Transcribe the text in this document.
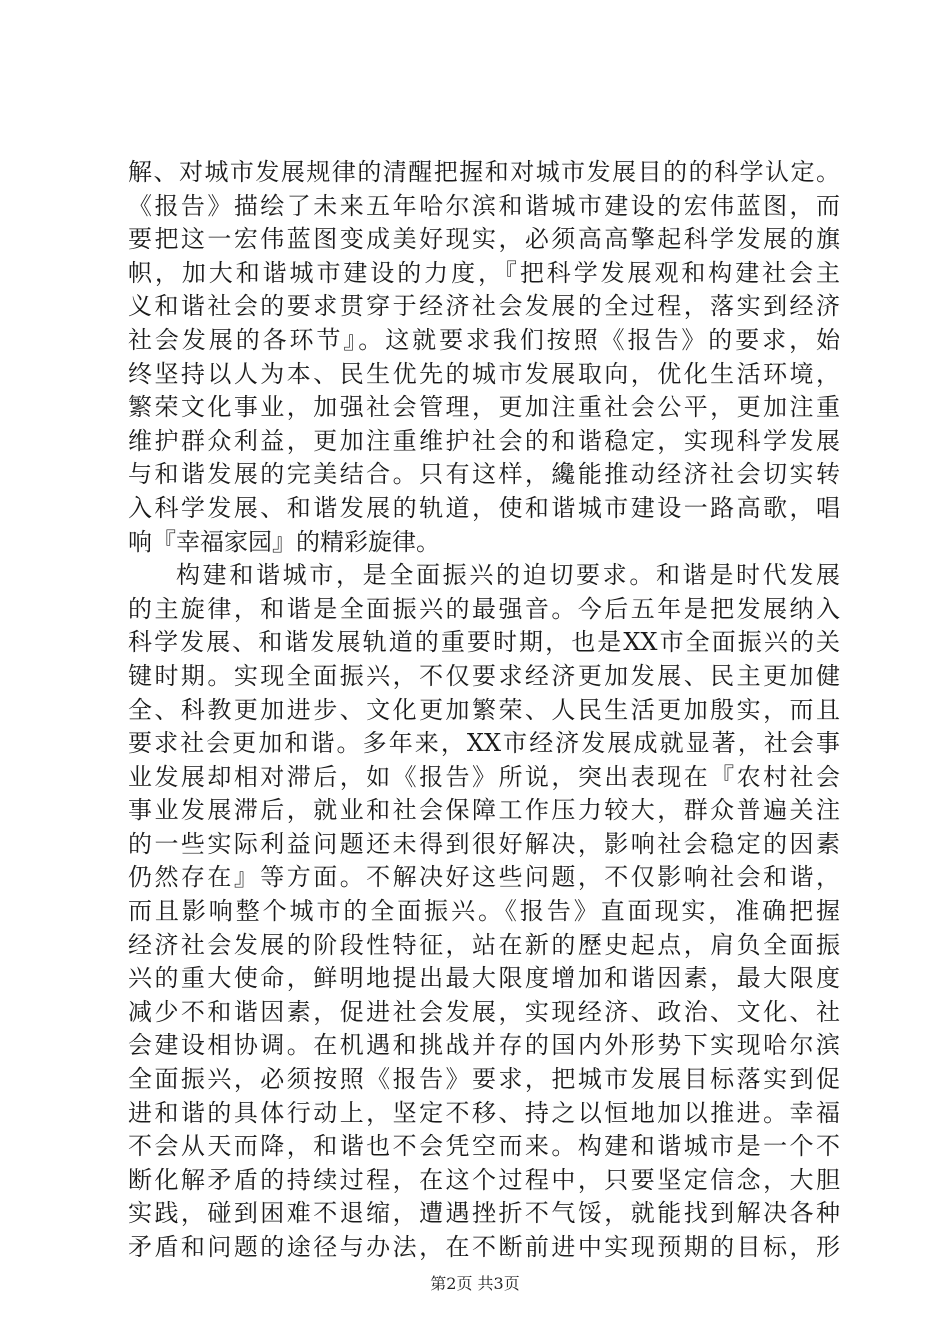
解、对城市发展规律的清醒把握和对城市发展目的的科学认定。
《报告》描绘了未来五年哈尔滨和谐城市建设的宏伟蓝图，而
要把这一宏伟蓝图变成美好现实，必须高高擎起科学发展的旗
帜，加大和谐城市建设的力度，『把科学发展观和构建社会主
义和谐社会的要求贯穿于经济社会发展的全过程，落实到经济
社会发展的各环节』。这就要求我们按照《报告》的要求，始
终坚持以人为本、民生优先的城市发展取向，优化生活环境，
繁荣文化事业，加强社会管理，更加注重社会公平，更加注重
维护群众利益，更加注重维护社会的和谐稳定，实现科学发展
与和谐发展的完美结合。只有这样，纔能推动经济社会切实转
入科学发展、和谐发展的轨道，使和谐城市建设一路高歌，唱
响『幸福家园』的精彩旋律。
构建和谐城市，是全面振兴的迫切要求。和谐是时代发展
的主旋律，和谐是全面振兴的最强音。今后五年是把发展纳入
科学发展、和谐发展轨道的重要时期，也是XX市全面振兴的关
键时期。实现全面振兴，不仅要求经济更加发展、民主更加健
全、科教更加进步、文化更加繁荣、人民生活更加殷实，而且
要求社会更加和谐。多年来，XX市经济发展成就显著，社会事
业发展却相对滞后，如《报告》所说，突出表现在『农村社会
事业发展滞后，就业和社会保障工作压力较大，群众普遍关注
的一些实际利益问题还未得到很好解决，影响社会稳定的因素
仍然存在』等方面。不解决好这些问题，不仅影响社会和谐，
而且影响整个城市的全面振兴。《报告》直面现实，准确把握
经济社会发展的阶段性特征，站在新的歷史起点，肩负全面振
兴的重大使命，鲜明地提出最大限度增加和谐因素，最大限度
减少不和谐因素，促进社会发展，实现经济、政治、文化、社
会建设相协调。在机遇和挑战并存的国内外形势下实现哈尔滨
全面振兴，必须按照《报告》要求，把城市发展目标落实到促
进和谐的具体行动上，坚定不移、持之以恒地加以推进。幸福
不会从天而降，和谐也不会凭空而来。构建和谐城市是一个不
断化解矛盾的持续过程，在这个过程中，只要坚定信念，大胆
实践，碰到困难不退缩，遭遇挫折不气馁，就能找到解决各种
矛盾和问题的途径与办法，在不断前进中实现预期的目标，形
第2页 共3页
